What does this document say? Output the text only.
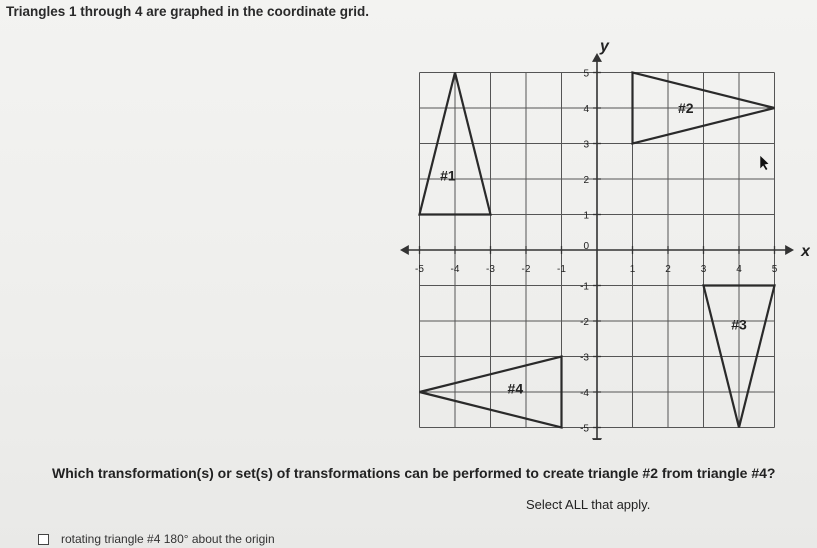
Triangles 1 through 4 are graphed in the coordinate grid.
x
y
-5	-4	-3	-2	-1	1	2	3	4	5
5
4
3
2
1
-1
-2
-3
-4
-5
0
#1
#2
#3
#4
Which transformation(s) or set(s) of transformations can be performed to create triangle #2 from triangle #4?
Select ALL that apply.
rotating triangle #4 180° about the origin
